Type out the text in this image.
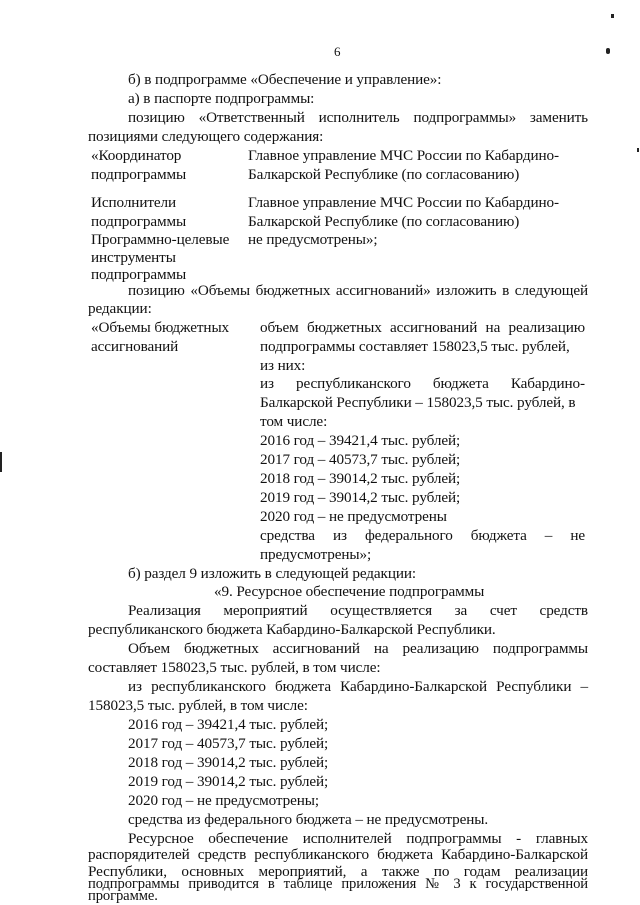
6
б) в подпрограмме «Обеспечение и управление»:
а) в паспорте подпрограммы:
позицию «Ответственный исполнитель подпрограммы» заменить
позициями следующего содержания:
«Координатор
подпрограммы
Главное управление МЧС России по Кабардино-
Балкарской Республике (по согласованию)
Исполнители
подпрограммы
Главное управление МЧС России по Кабардино-
Балкарской Республике (по согласованию)
Программно-целевые
инструменты
подпрограммы
не предусмотрены»;
позицию «Объемы бюджетных ассигнований» изложить в следующей
редакции:
«Объемы бюджетных
ассигнований
объем бюджетных ассигнований на реализацию
подпрограммы составляет 158023,5 тыс. рублей,
из них:
из республиканского бюджета Кабардино-
Балкарской Республики – 158023,5 тыс. рублей, в
том числе:
2016 год – 39421,4 тыс. рублей;
2017 год – 40573,7 тыс. рублей;
2018 год – 39014,2 тыс. рублей;
2019 год – 39014,2 тыс. рублей;
2020 год – не предусмотрены
средства из федерального бюджета – не
предусмотрены»;
б) раздел 9 изложить в следующей редакции:
«9. Ресурсное обеспечение подпрограммы
Реализация мероприятий осуществляется за счет средств
республиканского бюджета Кабардино-Балкарской Республики.
Объем бюджетных ассигнований на реализацию подпрограммы
составляет 158023,5 тыс. рублей, в том числе:
из республиканского бюджета Кабардино-Балкарской Республики –
158023,5 тыс. рублей, в том числе:
2016 год – 39421,4 тыс. рублей;
2017 год – 40573,7 тыс. рублей;
2018 год – 39014,2 тыс. рублей;
2019 год – 39014,2 тыс. рублей;
2020 год – не предусмотрены;
средства из федерального бюджета – не предусмотрены.
Ресурсное обеспечение исполнителей подпрограммы - главных
распорядителей средств республиканского бюджета Кабардино-Балкарской
Республики, основных мероприятий, а также по годам реализации
подпрограммы приводится в таблице приложения № 3 к государственной
программе.
